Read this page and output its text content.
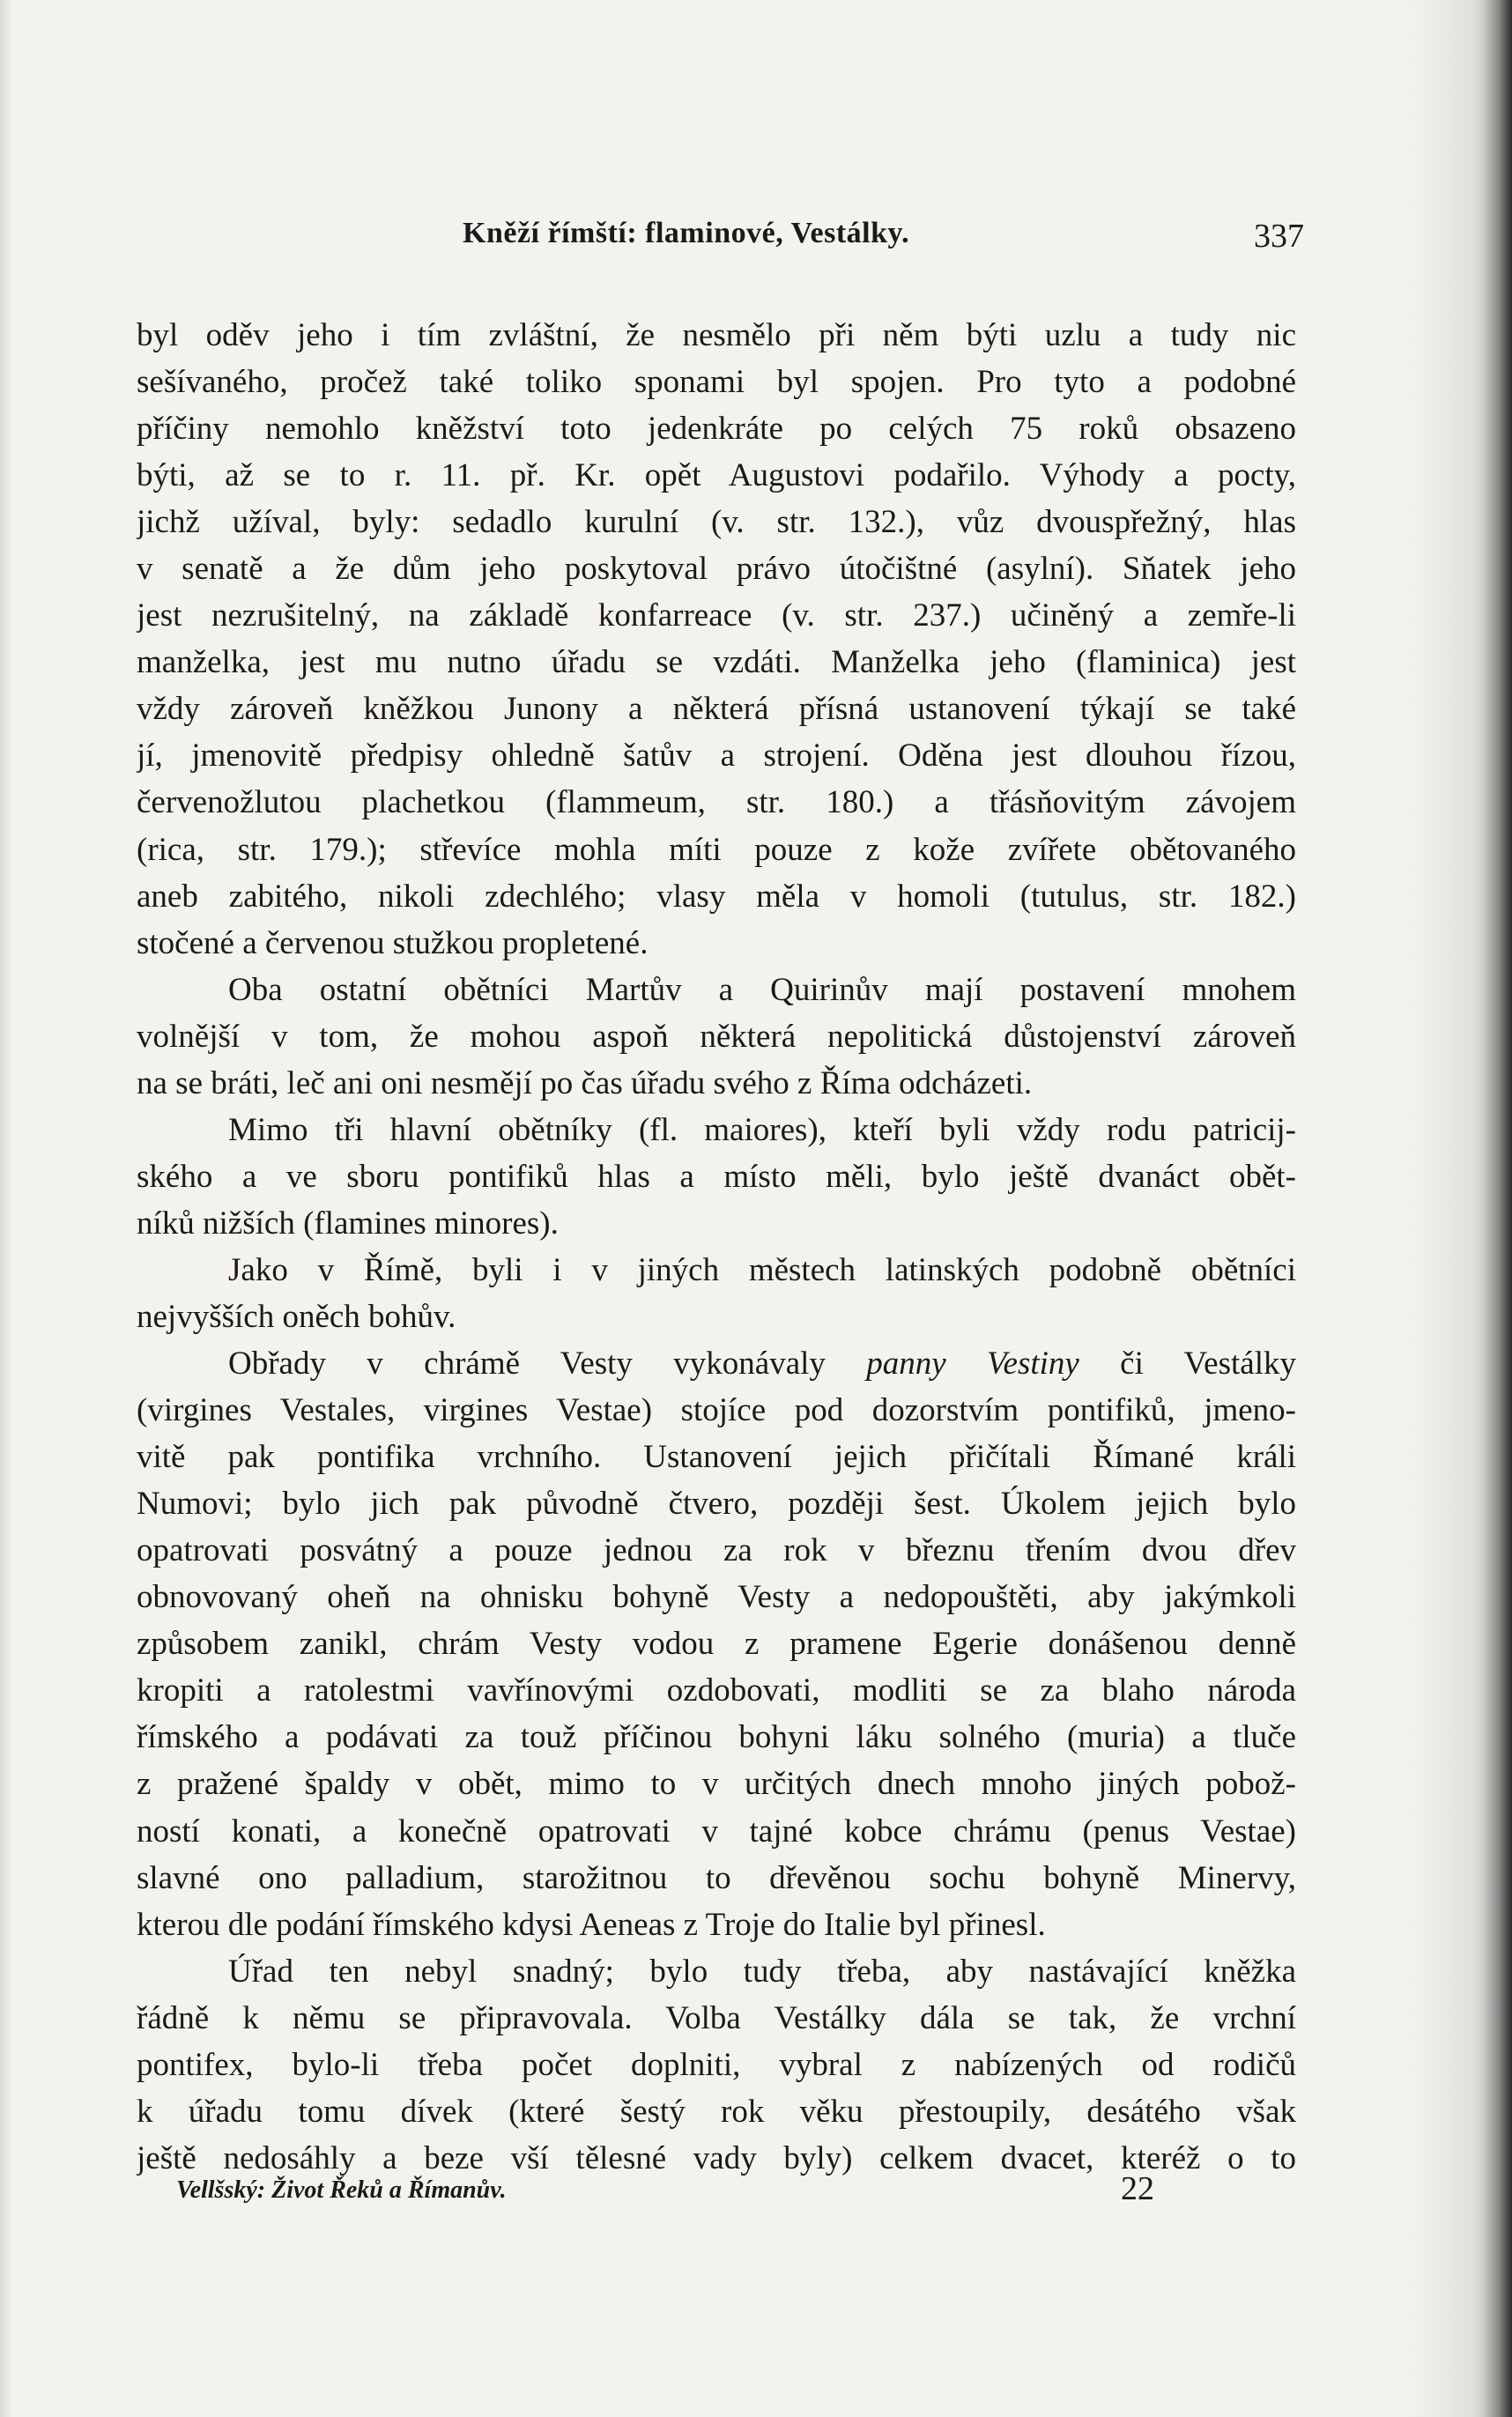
Kněží římští: flaminové, Vestálky.	337
byl oděv jeho i tím zvláštní, že nesmělo při něm býti uzlu a tudy nic
sešívaného, pročež také toliko sponami byl spojen. Pro tyto a podobné
příčiny nemohlo kněžství toto jedenkráte po celých 75 roků obsazeno
býti, až se to r. 11. př. Kr. opět Augustovi podařilo. Výhody a pocty,
jichž užíval, byly: sedadlo kurulní (v. str. 132.), vůz dvouspřežný, hlas
v senatě a že dům jeho poskytoval právo útočištné (asylní). Sňatek jeho
jest nezrušitelný, na základě konfarreace (v. str. 237.) učiněný a zemře-li
manželka, jest mu nutno úřadu se vzdáti. Manželka jeho (flaminica) jest
vždy zároveň kněžkou Junony a některá přísná ustanovení týkají se také
jí, jmenovitě předpisy ohledně šatův a strojení. Oděna jest dlouhou řízou,
červenožlutou plachetkou (flammeum, str. 180.) a třásňovitým závojem
(rica, str. 179.); střevíce mohla míti pouze z kože zvířete obětovaného
aneb zabitého, nikoli zdechlého; vlasy měla v homoli (tutulus, str. 182.)
stočené a červenou stužkou propletené.
Oba ostatní obětníci Martův a Quirinův mají postavení mnohem
volnější v tom, že mohou aspoň některá nepolitická důstojenství zároveň
na se bráti, leč ani oni nesmějí po čas úřadu svého z Říma odcházeti.
Mimo tři hlavní obětníky (fl. maiores), kteří byli vždy rodu patricij-
ského a ve sboru pontifiků hlas a místo měli, bylo ještě dvanáct obět-
níků nižších (flamines minores).
Jako v Římě, byli i v jiných městech latinských podobně obětníci
nejvyšších oněch bohův.
Obřady v chrámě Vesty vykonávaly panny Vestiny či Vestálky
(virgines Vestales, virgines Vestae) stojíce pod dozorstvím pontifiků, jmeno-
vitě pak pontifika vrchního. Ustanovení jejich přičítali Římané králi
Numovi; bylo jich pak původně čtvero, později šest. Úkolem jejich bylo
opatrovati posvátný a pouze jednou za rok v březnu třením dvou dřev
obnovovaný oheň na ohnisku bohyně Vesty a nedopouštěti, aby jakýmkoli
způsobem zanikl, chrám Vesty vodou z pramene Egerie donášenou denně
kropiti a ratolestmi vavřínovými ozdobovati, modliti se za blaho národa
římského a podávati za touž příčinou bohyni láku solného (muria) a tluče
z pražené špaldy v obět, mimo to v určitých dnech mnoho jiných pobož-
ností konati, a konečně opatrovati v tajné kobce chrámu (penus Vestae)
slavné ono palladium, starožitnou to dřevěnou sochu bohyně Minervy,
kterou dle podání římského kdysi Aeneas z Troje do Italie byl přinesl.
Úřad ten nebyl snadný; bylo tudy třeba, aby nastávající kněžka
řádně k němu se připravovala. Volba Vestálky dála se tak, že vrchní
pontifex, bylo-li třeba počet doplniti, vybral z nabízených od rodičů
k úřadu tomu dívek (které šestý rok věku přestoupily, desátého však
ještě nedosáhly a beze vší tělesné vady byly) celkem dvacet, kteréž o to
Vellšský: Život Řeků a Římanův.	22
